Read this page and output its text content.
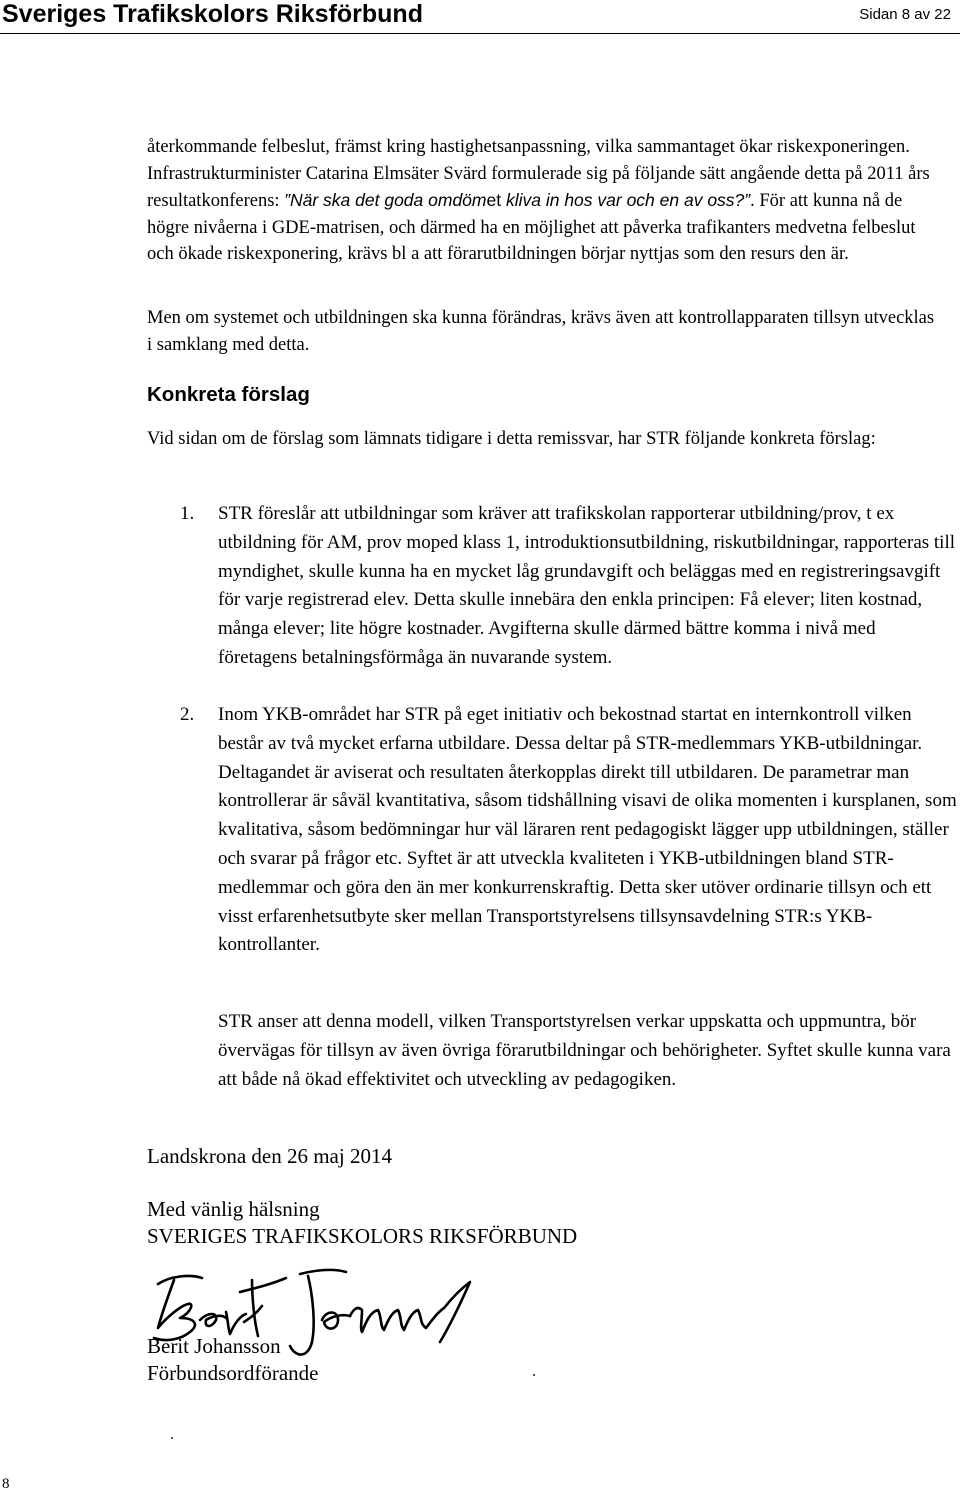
Sveriges Trafikskolors Riksförbund	Sidan 8 av 22
återkommande felbeslut, främst kring hastighetsanpassning, vilka sammantaget ökar riskexponeringen. Infrastrukturminister Catarina Elmsäter Svärd formulerade sig på följande sätt angående detta på 2011 års resultatkonferens: ”När ska det goda omdömet kliva in hos var och en av oss?”. För att kunna nå de högre nivåerna i GDE-matrisen, och därmed ha en möjlighet att påverka trafikanters medvetna felbeslut och ökade riskexponering, krävs bl a att förarutbildningen börjar nyttjas som den resurs den är.
Men om systemet och utbildningen ska kunna förändras, krävs även att kontrollapparaten tillsyn utvecklas i samklang med detta.
Konkreta förslag
Vid sidan om de förslag som lämnats tidigare i detta remissvar, har STR följande konkreta förslag:
1. STR föreslår att utbildningar som kräver att trafikskolan rapporterar utbildning/prov, t ex utbildning för AM, prov moped klass 1, introduktionsutbildning, riskutbildningar, rapporteras till myndighet, skulle kunna ha en mycket låg grundavgift och beläggas med en registreringsavgift för varje registrerad elev. Detta skulle innebära den enkla principen: Få elever; liten kostnad, många elever; lite högre kostnader. Avgifterna skulle därmed bättre komma i nivå med företagens betalningsförmåga än nuvarande system.
2. Inom YKB-området har STR på eget initiativ och bekostnad startat en internkontroll vilken består av två mycket erfarna utbildare. Dessa deltar på STR-medlemmars YKB-utbildningar. Deltagandet är aviserat och resultaten återkopplas direkt till utbildaren. De parametrar man kontrollerar är såväl kvantitativa, såsom tidshållning visavi de olika momenten i kursplanen, som kvalitativa, såsom bedömningar hur väl läraren rent pedagogiskt lägger upp utbildningen, ställer och svarar på frågor etc. Syftet är att utveckla kvaliteten i YKB-utbildningen bland STR-medlemmar och göra den än mer konkurrenskraftig. Detta sker utöver ordinarie tillsyn och ett visst erfarenhetsutbyte sker mellan Transportstyrelsens tillsynsavdelning STR:s YKB-kontrollanter.
STR anser att denna modell, vilken Transportstyrelsen verkar uppskatta och uppmuntra, bör övervägas för tillsyn av även övriga förarutbildningar och behörigheter. Syftet skulle kunna vara att både nå ökad effektivitet och utveckling av pedagogiken.
Landskrona den 26 maj 2014
Med vänlig hälsning
SVERIGES TRAFIKSKOLORS RIKSFÖRBUND
Berit Johansson
Förbundsordförande
8
